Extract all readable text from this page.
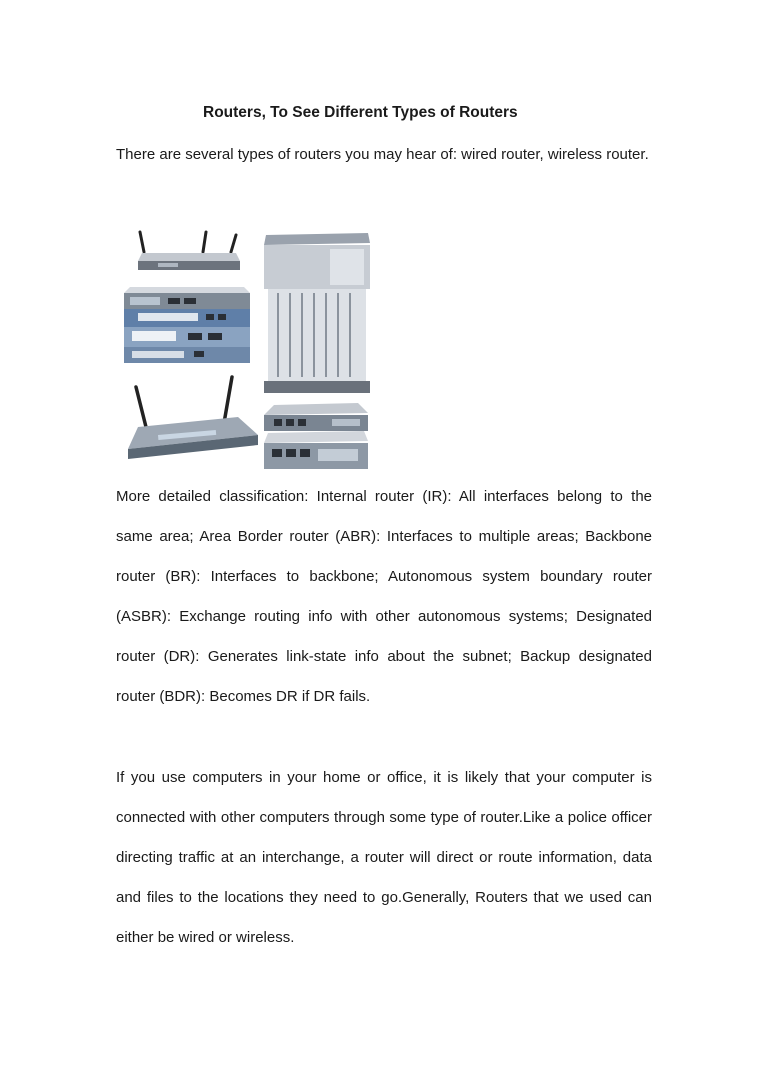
Routers, To See Different Types of Routers
There are several types of routers you may hear of: wired router, wireless router.
More detailed classification: Internal router (IR): All interfaces belong to the same area; Area Border router (ABR): Interfaces to multiple areas; Backbone router (BR): Interfaces to backbone; Autonomous system boundary router (ASBR): Exchange routing info with other autonomous systems; Designated router (DR): Generates link-state info about the subnet; Backup designated router (BDR): Becomes DR if DR fails.
If you use computers in your home or office, it is likely that your computer is connected with other computers through some type of router.Like a police officer directing traffic at an interchange, a router will direct or route information, data and files to the locations they need to go.Generally, Routers that we used can either be wired or wireless.
